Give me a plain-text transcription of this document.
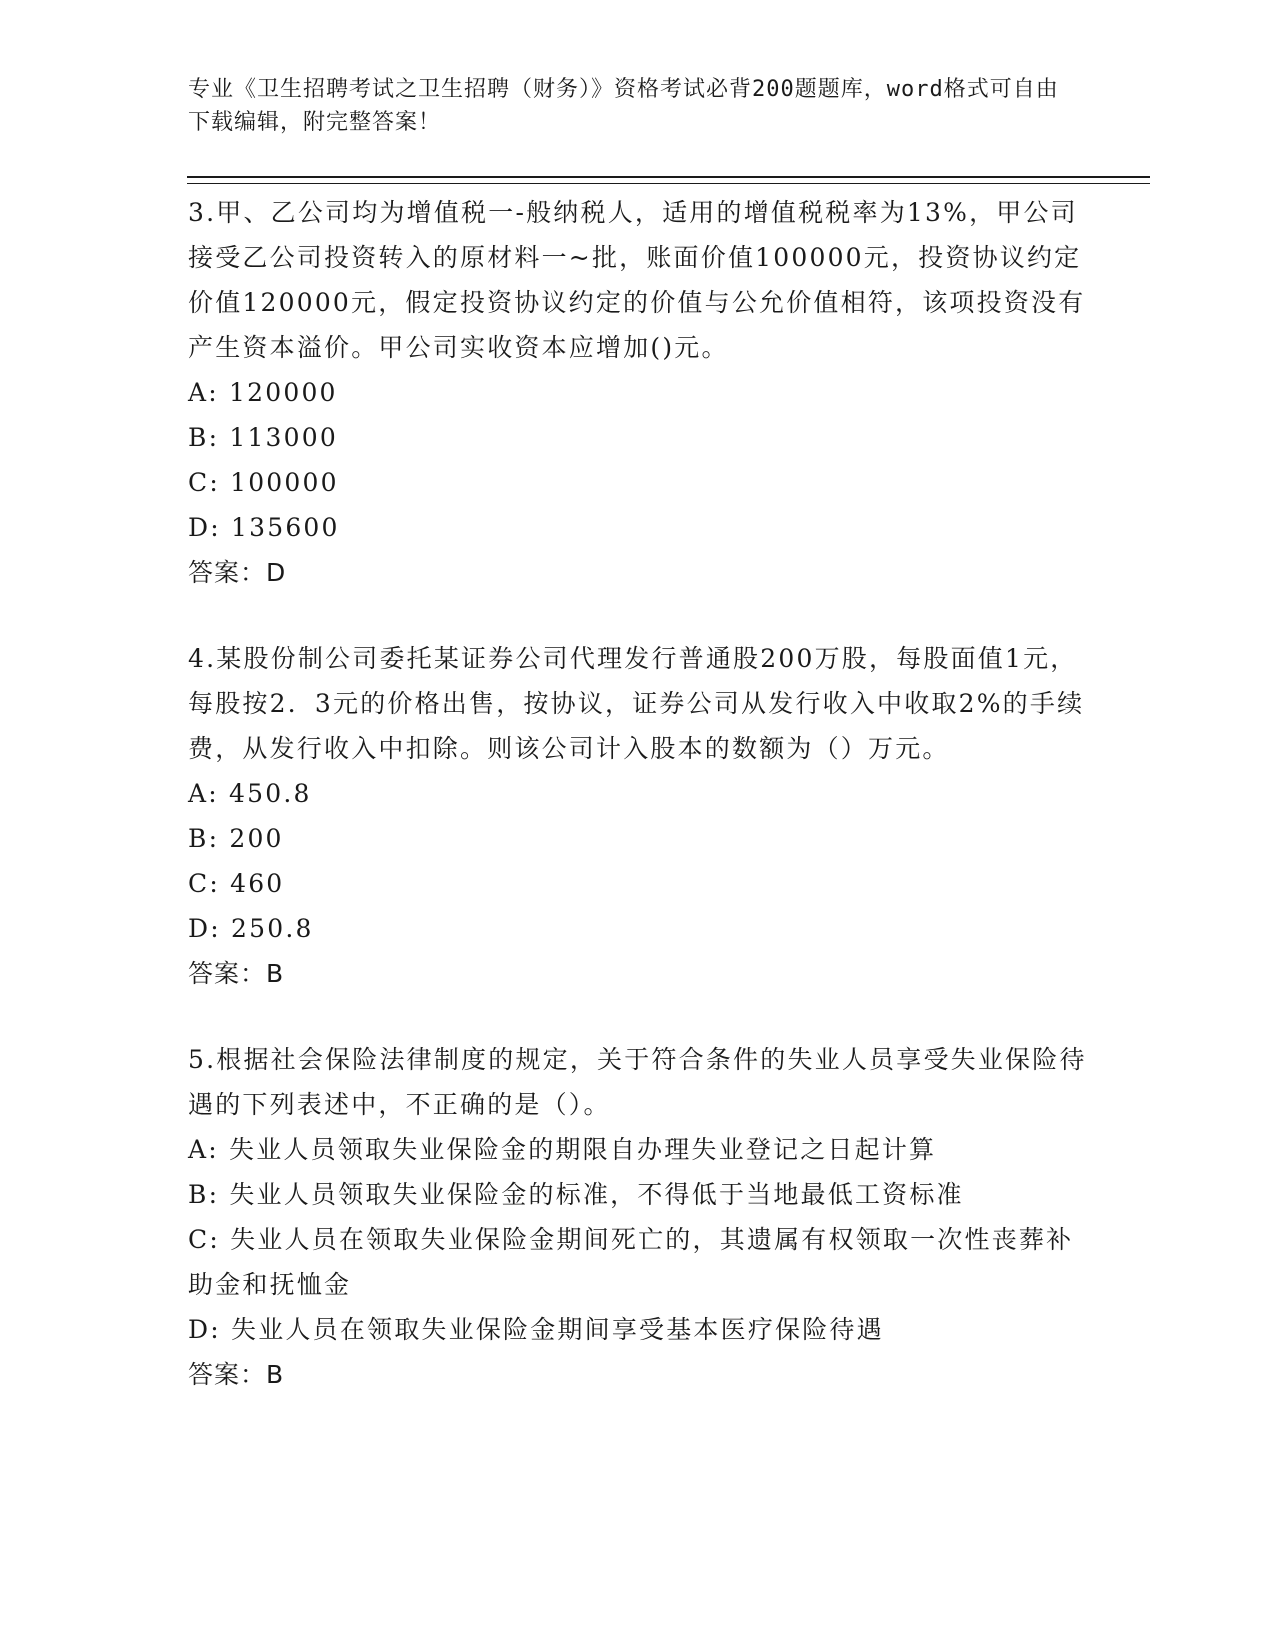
专业《卫生招聘考试之卫生招聘（财务）》资格考试必背200题题库，word格式可自由下载编辑，附完整答案！

3.甲、乙公司均为增值税一-般纳税人，适用的增值税税率为13%，甲公司接受乙公司投资转入的原材料一~批，账面价值100000元，投资协议约定价值120000元，假定投资协议约定的价值与公允价值相符，该项投资没有产生资本溢价。甲公司实收资本应增加()元。

A: 120000

B: 113000

C: 100000

D: 135600

答案：D

4.某股份制公司委托某证券公司代理发行普通股200万股，每股面值1元，每股按2．3元的价格出售，按协议，证券公司从发行收入中收取2%的手续费，从发行收入中扣除。则该公司计入股本的数额为（）万元。

A: 450.8

B: 200

C: 460

D: 250.8

答案：B

5.根据社会保险法律制度的规定，关于符合条件的失业人员享受失业保险待遇的下列表述中，不正确的是（）。

A: 失业人员领取失业保险金的期限自办理失业登记之日起计算

B: 失业人员领取失业保险金的标准，不得低于当地最低工资标准

C: 失业人员在领取失业保险金期间死亡的，其遗属有权领取一次性丧葬补助金和抚恤金

D: 失业人员在领取失业保险金期间享受基本医疗保险待遇

答案：B
